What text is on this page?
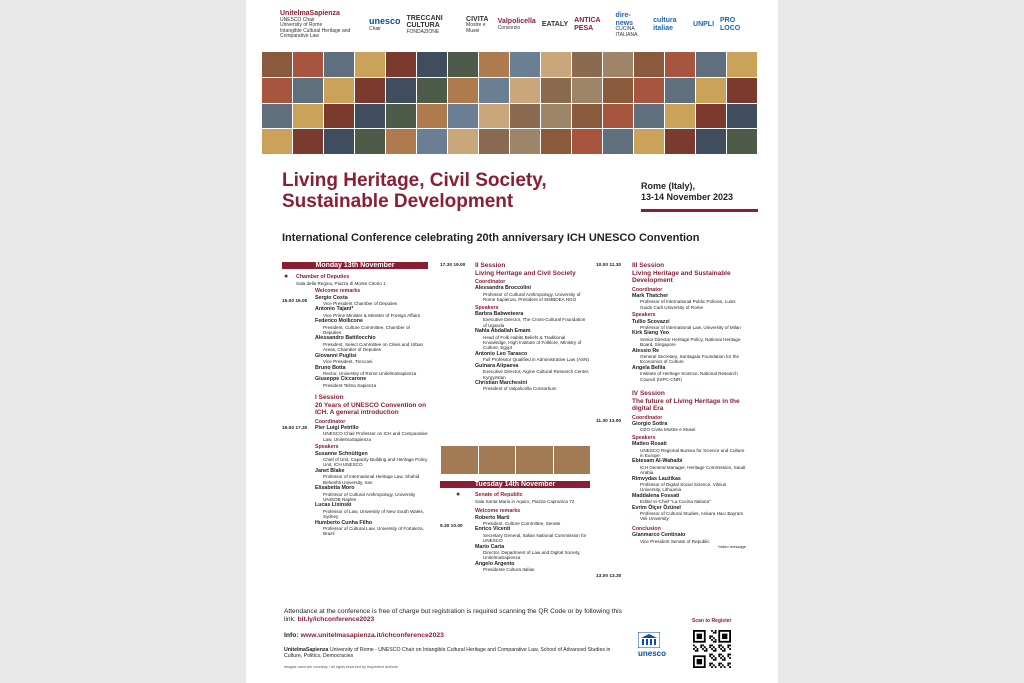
UnitelmaSapienza
UNESCO Chair
University of Rome
Intangible Cultural Heritage and Comparative Law
unesco
Chair
TRECCANI CULTURA
FONDAZIONE
CIVITA
Mostre e Musei
Valpolicella
Consorzio	EATALY
ANTICA PESA
dire-news
CUCINA ITALIANA
cultura italiae
UNPLI
PRO LOCO
Living Heritage, Civil Society, Sustainable Development
Rome (Italy),
13-14 November 2023
International Conference celebrating 20th anniversary ICH UNESCO Convention
Monday 13th November
● Chamber of Deputies
Sala della Regina, Piazza di Monte Citorio 1
Welcome remarks
Sergio Costa
Vice President Chamber of Deputies
Antonio Tajani*
Vice Prime Minister & Minister of Foreign Affairs
Federico Mollicone
President, Culture Committee, Chamber of Deputies
Alessandro Battilocchio
President, Select Committee on Cities and Urban Areas, Chamber of Deputies
Giovanni Puglisi
Vice President, Treccani
Bruno Botta
Rector, University of Rome UnitelmaSapienza
Giuseppe Ciccarone
President Telma Sapienza
I Session
20 Years of UNESCO Convention on ICH. A general introduction
Coordinator
Pier Luigi Petrillo
UNESCO Chair Professor on ICH and Comparative Law, UnitelmaSapienza
Speakers
Susanne Schnüttgen
Chief of Unit, Capacity Building and Heritage Policy Unit, ICH UNESCO
Janet Blake
Professor of International Heritage Law, Shahid Beheshti University, Iran
Elisabetta Moro
Professor of Cultural Anthropology, University UNISOB Naples
Lucas Lixinski
Professor of Law, University of New South Wales, Sydney
Humberto Cunha Filho
Professor of Cultural Law, University of Fortaleza, Brazil
15.00 16.00
16.00 17.30
II Session
Living Heritage and Civil Society
Coordinator
Alessandra Broccolini
Professor of Cultural Anthropology, University of Rome Sapienza, President of SIMBDEA NGO
Speakers
Barbra Babweteera
Executive Director, The Cross-Cultural Foundation of Uganda
Nahla Abdallah Emam
Head of Folk Habits Beliefs & Traditional Knowledge, High Institute of Folklore, Ministry of Culture, Egypt
Antonio Leo Tarasco
Full Professor Qualified in Administrative Law (ASN)
Gulnara Aitpaeva
Executive Director, Aigine Cultural Research Center, Kyrgyzstan
Christian Marchesini
President of Valpolicella Consortium
17.30 19.00
Tuesday 14th November
●	Senate of Republic
Sala Santa Maria in Aquiro, Piazza Capranica 72
Welcome remarks
Roberto Marti
President, Culture Committee, Senate
Enrico Vicenti
Secretary General, Italian National Commission for UNESCO
Mario Carta
Director, Department of Law and Digital Society, UnitelmaSapienza
Angelo Argento
Presidente Cultura Italiae
9.30 10.00
III Session
Living Heritage and Sustainable Development
Coordinator
Mark Thatcher
Professor of International Public Policies, Luiss Guido Carli University of Rome
Speakers
Tullio Scovazzi
Professor of International Law, University of Milan
Kirk Siang Yeo
Senior Director Heritage Policy, National Heritage Board, Singapore
Alessio Re
General Secretary, Santagata Foundation for the Economics of Culture
Angela Bellia
Institute of Heritage Science, National Research Council (ISPC-CNR)
IV Session
The future of Living Heritage in the digital Era
Coordinator
Giorgio Sotira
CEO Civita Mostre e Musei
Speakers
Matteo Rosati
UNESCO Regional Bureau for Science and Culture in Europe
Ebtesam Al-Wahaibi
ICH General Manager, Heritage Commission, Saudi Arabia
Rimvydas Laužikas
Professor of Digital Social Science, Vilnius University, Lithuania
Maddalena Fossati
Editor-in-Chief "La Cucina Italiana"
Evrim Ölçer Özünel
Professor of Cultural Studies, Ankara Hacı Bayram Veli University
Conclusion
Gianmarco Centinaio
Vice President Senate of Republic
*video message
10.00 11.30
11.30 13.00
13.00 13.30
Attendance at the conference is free of charge but registration is required scanning the QR Code or by following this link: bit.ly/ichconference2023
Info: www.unitelmasapienza.it/ichconference2023
UnitelmaSapienza University of Rome - UNESCO Chair on Intangible Cultural Heritage and Comparative Law, School of Advanced Studies in Culture, Politics, Democracies
Images used are courtesy / all rights reserved by respective authors
unesco
Scan to Register
